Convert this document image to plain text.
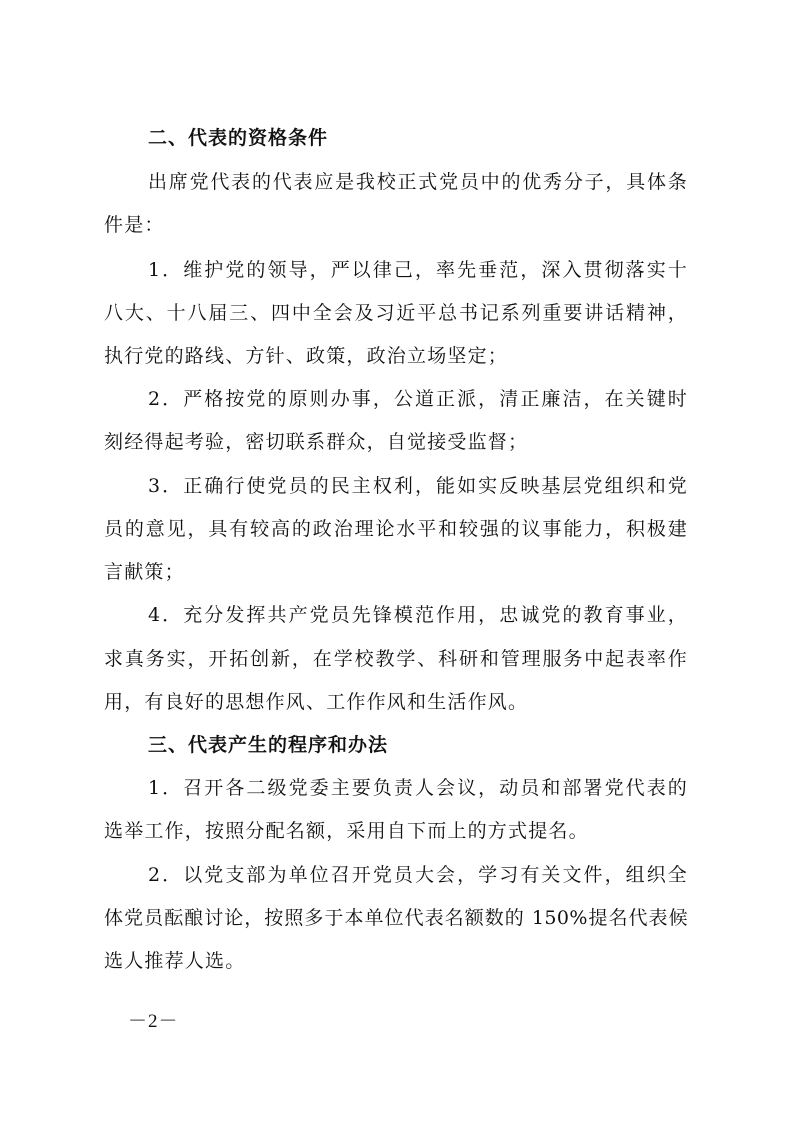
二、代表的资格条件
出席党代表的代表应是我校正式党员中的优秀分子，具体条
件是：
1．维护党的领导，严以律己，率先垂范，深入贯彻落实十
八大、十八届三、四中全会及习近平总书记系列重要讲话精神，
执行党的路线、方针、政策，政治立场坚定；
2．严格按党的原则办事，公道正派，清正廉洁，在关键时
刻经得起考验，密切联系群众，自觉接受监督；
3．正确行使党员的民主权利，能如实反映基层党组织和党
员的意见，具有较高的政治理论水平和较强的议事能力，积极建
言献策；
4．充分发挥共产党员先锋模范作用，忠诚党的教育事业，
求真务实，开拓创新，在学校教学、科研和管理服务中起表率作
用，有良好的思想作风、工作作风和生活作风。
三、代表产生的程序和办法
1．召开各二级党委主要负责人会议，动员和部署党代表的
选举工作，按照分配名额，采用自下而上的方式提名。
2．以党支部为单位召开党员大会，学习有关文件，组织全
体党员酝酿讨论，按照多于本单位代表名额数的 150%提名代表候
选人推荐人选。
－2－
